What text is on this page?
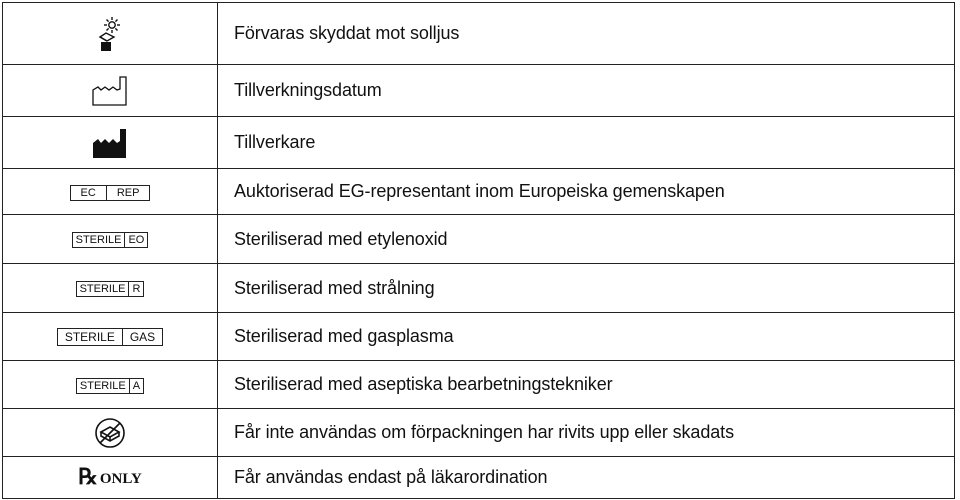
	Förvaras skyddat mot solljus
	Tillverkningsdatum
	Tillverkare

EC REP	Auktoriserad EG-representant inom Europeiska gemenskapen

STERILE EO	Steriliserad med etylenoxid

STERILE R	Steriliserad med strålning

STERILE GAS	Steriliserad med gasplasma

STERILE A	Steriliserad med aseptiska bearbetningstekniker
	Får inte användas om förpackningen har rivits upp eller skadats

℞ ONLY	Får användas endast på läkarordination
